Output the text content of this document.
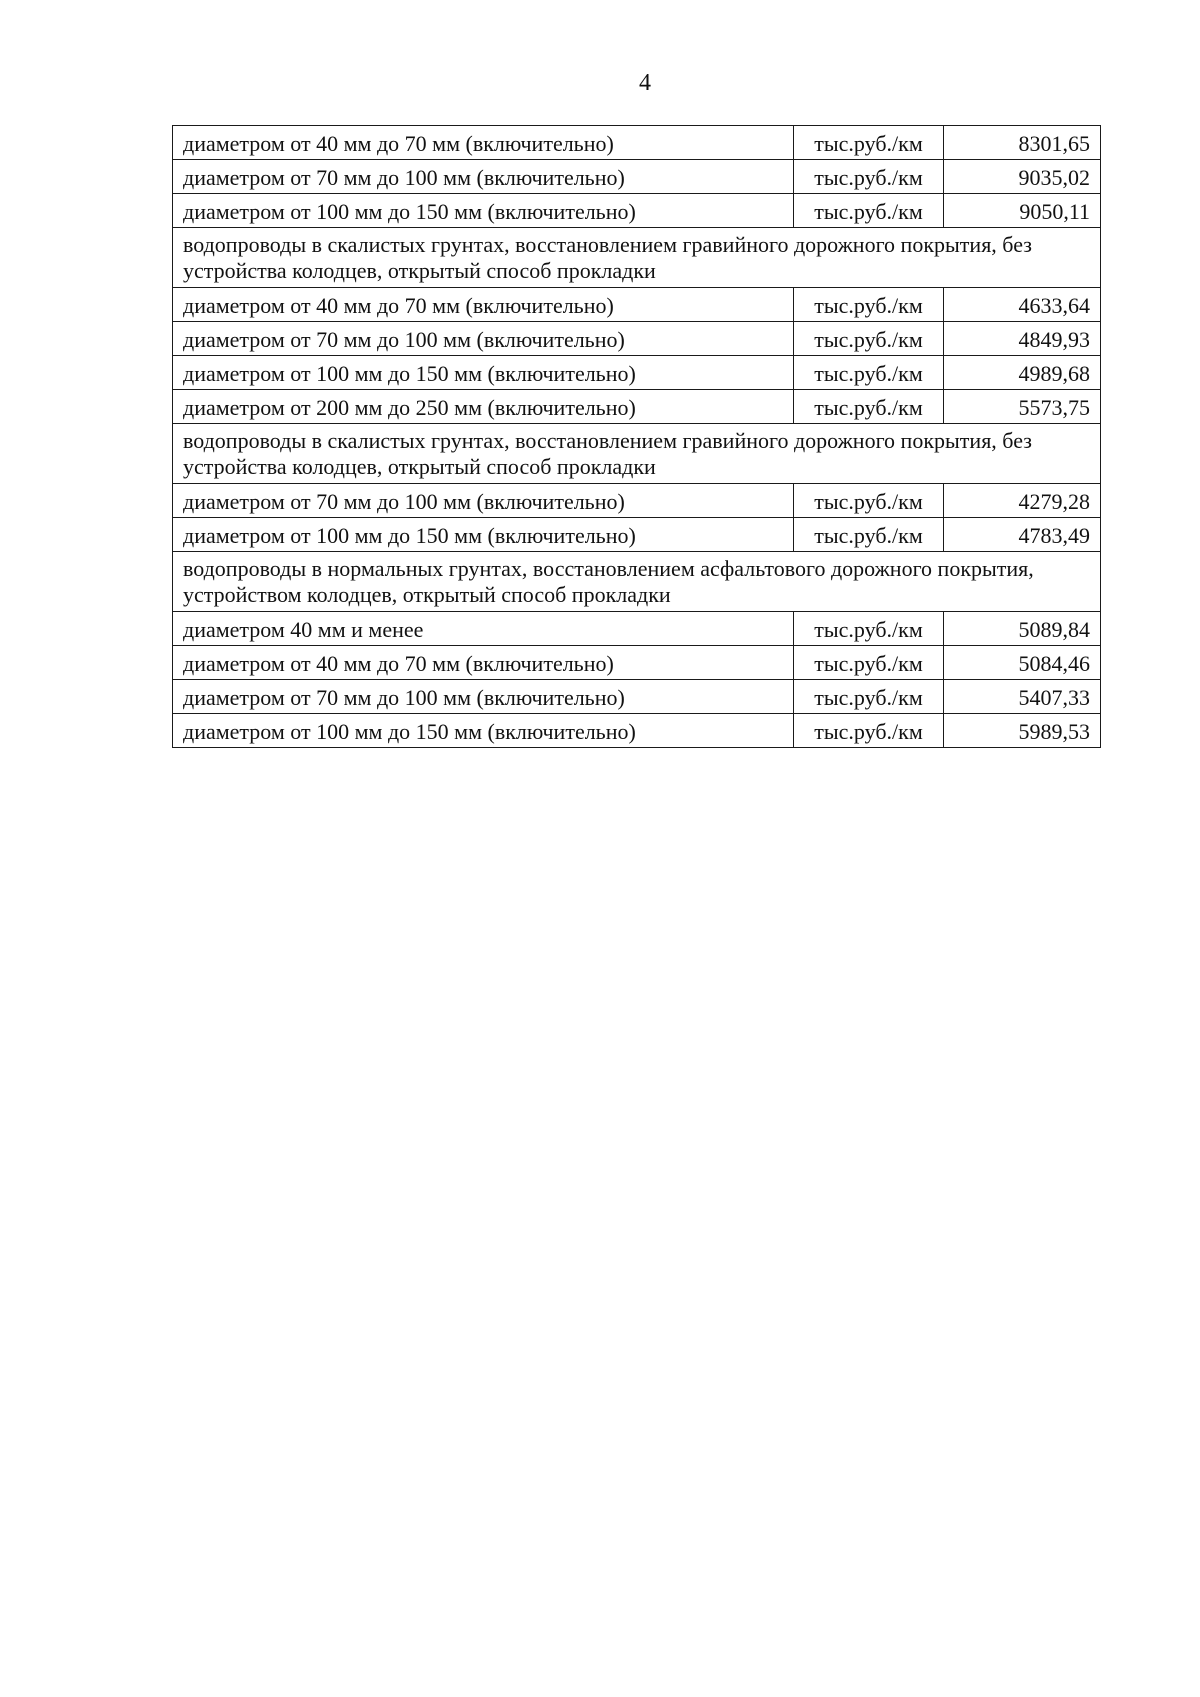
4
диаметром от 40 мм до 70 мм (включительно)	тыс.руб./км	8301,65
диаметром от 70 мм до 100 мм (включительно)	тыс.руб./км	9035,02
диаметром от 100 мм до 150 мм (включительно)	тыс.руб./км	9050,11
водопроводы в скалистых грунтах, восстановлением гравийного дорожного покрытия, без устройства колодцев, открытый способ прокладки		
диаметром от 40 мм до 70 мм (включительно)	тыс.руб./км	4633,64
диаметром от 70 мм до 100 мм (включительно)	тыс.руб./км	4849,93
диаметром от 100 мм до 150 мм (включительно)	тыс.руб./км	4989,68
диаметром от 200 мм до 250 мм (включительно)	тыс.руб./км	5573,75
водопроводы в скалистых грунтах, восстановлением гравийного дорожного покрытия, без устройства колодцев, открытый способ прокладки		
диаметром от 70 мм до 100 мм (включительно)	тыс.руб./км	4279,28
диаметром от 100 мм до 150 мм (включительно)	тыс.руб./км	4783,49
водопроводы в нормальных грунтах, восстановлением асфальтового дорожного покрытия, устройством колодцев, открытый способ прокладки		
диаметром 40 мм и менее	тыс.руб./км	5089,84
диаметром от 40 мм до 70 мм (включительно)	тыс.руб./км	5084,46
диаметром от 70 мм до 100 мм (включительно)	тыс.руб./км	5407,33
диаметром от 100 мм до 150 мм (включительно)	тыс.руб./км	5989,53
